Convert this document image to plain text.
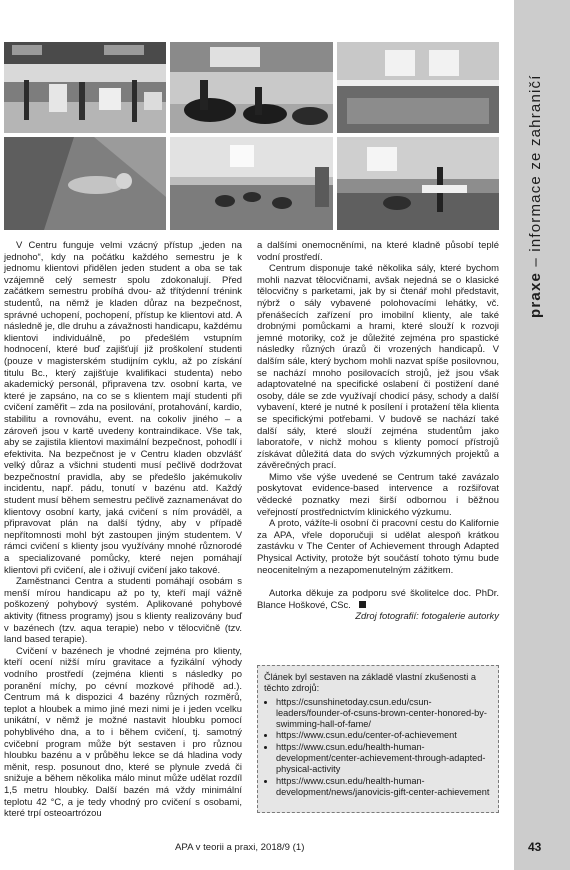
praxe – informace ze zahraničí

V Centru funguje velmi vzácný přístup „jeden na jednoho“, kdy na počátku každého semestru je k jednomu klientovi přidělen jeden student a oba se tak vzájemně celý semestr spolu zdokonalují. Před začátkem semestru probíhá dvou- až třítýdenní trénink studentů, na němž je kladen důraz na bezpečnost, správné uchopení, pochopení, přístup ke klientovi atd. A následně je, dle druhu a závažnosti handicapu, každému klientovi individuálně, po předešlém vstupním hodnocení, které buď zajišťují již proškolení studenti (pouze v magisterském studijním cyklu, až po získání titulu Bc., který zajišťuje kvalifikaci studenta) nebo akademický personál, připravena tzv. osobní karta, ve které je zapsáno, na co se s klientem mají studenti při cvičení zaměřit – zda na posilování, protahování, kardio, stabilitu a rovnováhu, event. na cokoliv jiného – a zároveň jsou v kartě uvedeny kontraindikace. Vše tak, aby se zajistila klientovi maximální bezpečnost, pohodlí i efektivita. Na bezpečnost je v Centru kladen obzvlášť velký důraz a všichni studenti musí pečlivě dodržovat bezpečnostní pravidla, aby se předešlo jakémukoliv incidentu, např. pádu, tonutí v bazénu atd. Každý student musí během semestru pečlivě zaznamenávat do klientovy osobní karty, jaká cvičení s ním prováděl, a připravovat plán na další týdny, aby v případě nepřítomnosti mohl být zastoupen jiným studentem. V rámci cvičení s klienty jsou využívány mnohé různorodé a specializované pomůcky, které nejen pomáhají klientovi při cvičení, ale i oživují cvičení jako takové.

Zaměstnanci Centra a studenti pomáhají osobám s menší mírou handicapu až po ty, kteří mají vážně poškozený pohybový systém. Aplikované pohybové aktivity (fitness programy) jsou s klienty realizovány buď v bazénech (tzv. aqua terapie) nebo v tělocvičně (tzv. land based terapie).

Cvičení v bazénech je vhodné zejména pro klienty, kteří ocení nižší míru gravitace a fyzikální výhody vodního prostředí (zejména klienti s následky po poranění míchy, po cévní mozkové příhodě ad.). Centrum má k dispozici 4 bazény různých rozměrů, teplot a hloubek a mimo jiné mezi nimi je i jeden vcelku unikátní, v němž je možné nastavit hloubku pomocí pohyblivého dna, a to i během cvičení, tj. samotný cvičební program může být sestaven i pro různou hloubku bazénu a v průběhu lekce se dá hladina vody měnit, resp. posunout dno, které se plynule zvedá či snižuje a během několika málo minut může udělat rozdíl 1,5 metru hloubky. Další bazén má vždy minimální teplotu 42 °C, a je tedy vhodný pro cvičení s osobami, které trpí osteoartrózou

a dalšími onemocněními, na které kladně působí teplé vodní prostředí.

Centrum disponuje také několika sály, které bychom mohli nazvat tělocvičnami, avšak nejedná se o klasické tělocvičny s parketami, jak by si čtenář mohl představit, nýbrž o sály vybavené polohovacími lehátky, vč. přenášecích zařízení pro imobilní klienty, ale také drobnými pomůckami a hrami, které slouží k rozvoji jemné motoriky, což je důležité zejména pro spastické následky různých úrazů či vrozených handicapů. V dalším sále, který bychom mohli nazvat spíše posilovnou, se nachází mnoho posilovacích strojů, jež jsou však adaptovatelné na specifické oslabení či postižení dané osoby, dále se zde využívají chodicí pásy, schody a další vybavení, které je nutné k posílení i protažení těla klienta se specifickými potřebami. V budově se nachází také další sály, které slouží zejména studentům jako laboratoře, v nichž mohou s klienty pomocí přístrojů získávat důležitá data do svých výzkumných projektů a závěrečných prací.

Mimo vše výše uvedené se Centrum také zavázalo poskytovat evidence-based intervence a rozšiřovat vědecké poznatky mezi širší odbornou i běžnou veřejností prostřednictvím klinického výzkumu.

A proto, vážíte-li osobní či pracovní cestu do Kalifornie za APA, vřele doporučuji si udělat alespoň krátkou zastávku v The Center of Achievement through Adapted Physical Activity, protože být součástí tohoto týmu bude neocenitelným a nezapomenutelným zážitkem.

Autorka děkuje za podporu své školitelce doc. PhDr. Blance Hoškové, CSc.

Zdroj fotografií: fotogalerie autorky

Článek byl sestaven na základě vlastní zkušenosti a těchto zdrojů:
• https://csunshinetoday.csun.edu/csun-leaders/founder-of-csuns-brown-center-honored-by-swimming-hall-of-fame/
• https://www.csun.edu/center-of-achievement
• https://www.csun.edu/health-human-development/center-achievement-through-adapted-physical-activity
• https://www.csun.edu/health-human-development/news/janovicis-gift-center-achievement
APA v teorii a praxi, 2018/9 (1)	43
